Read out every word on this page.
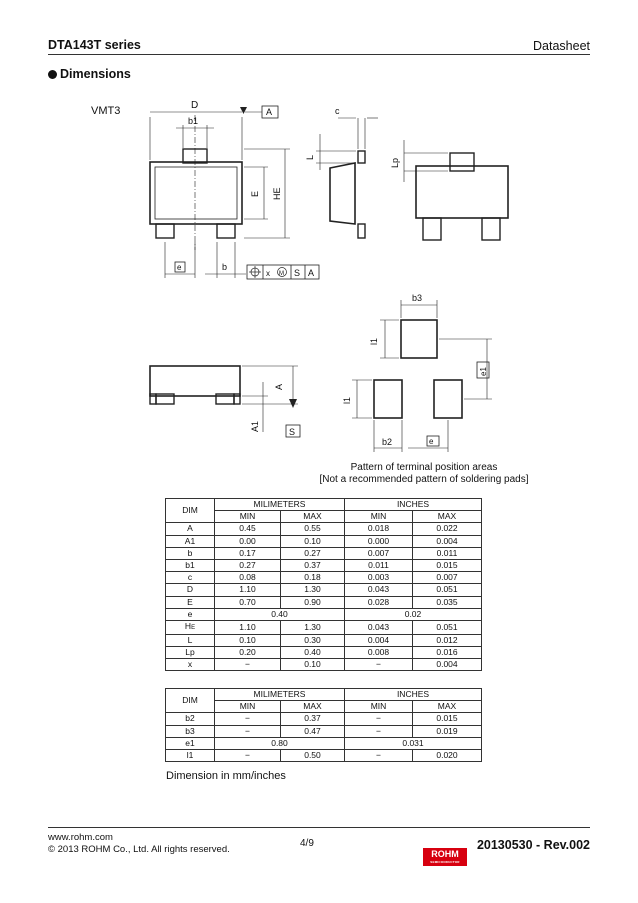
DTA143T series	Datasheet
Dimensions
VMT3	D
b1
A	c
L
Lp
E HE
e	b
x M S A
A
A1	S
b3
l1
l1
e1
b2	e
Pattern of terminal position areas
[Not a recommended pattern of soldering pads]
DIM	MILIMETERS		INCHES	
	MIN	MAX	MIN	MAX
A	0.45	0.55	0.018	0.022
A1	0.00	0.10	0.000	0.004
b	0.17	0.27	0.007	0.011
b1	0.27	0.37	0.011	0.015
c	0.08	0.18	0.003	0.007
D	1.10	1.30	0.043	0.051
E	0.70	0.90	0.028	0.035
e	0.40		0.02	
HE	1.10	1.30	0.043	0.051
L	0.10	0.30	0.004	0.012
Lp	0.20	0.40	0.008	0.016
x	−	0.10	−	0.004
DIM	MILIMETERS		INCHES	
	MIN	MAX	MIN	MAX
b2	−	0.37	−	0.015
b3	−	0.47	−	0.019
e1	0.80		0.031	
l1	−	0.50	−	0.020
Dimension in mm/inches
www.rohm.com
© 2013 ROHM Co., Ltd. All rights reserved.
4/9	20130530 - Rev.002
ROHM
SEMICONDUCTOR
